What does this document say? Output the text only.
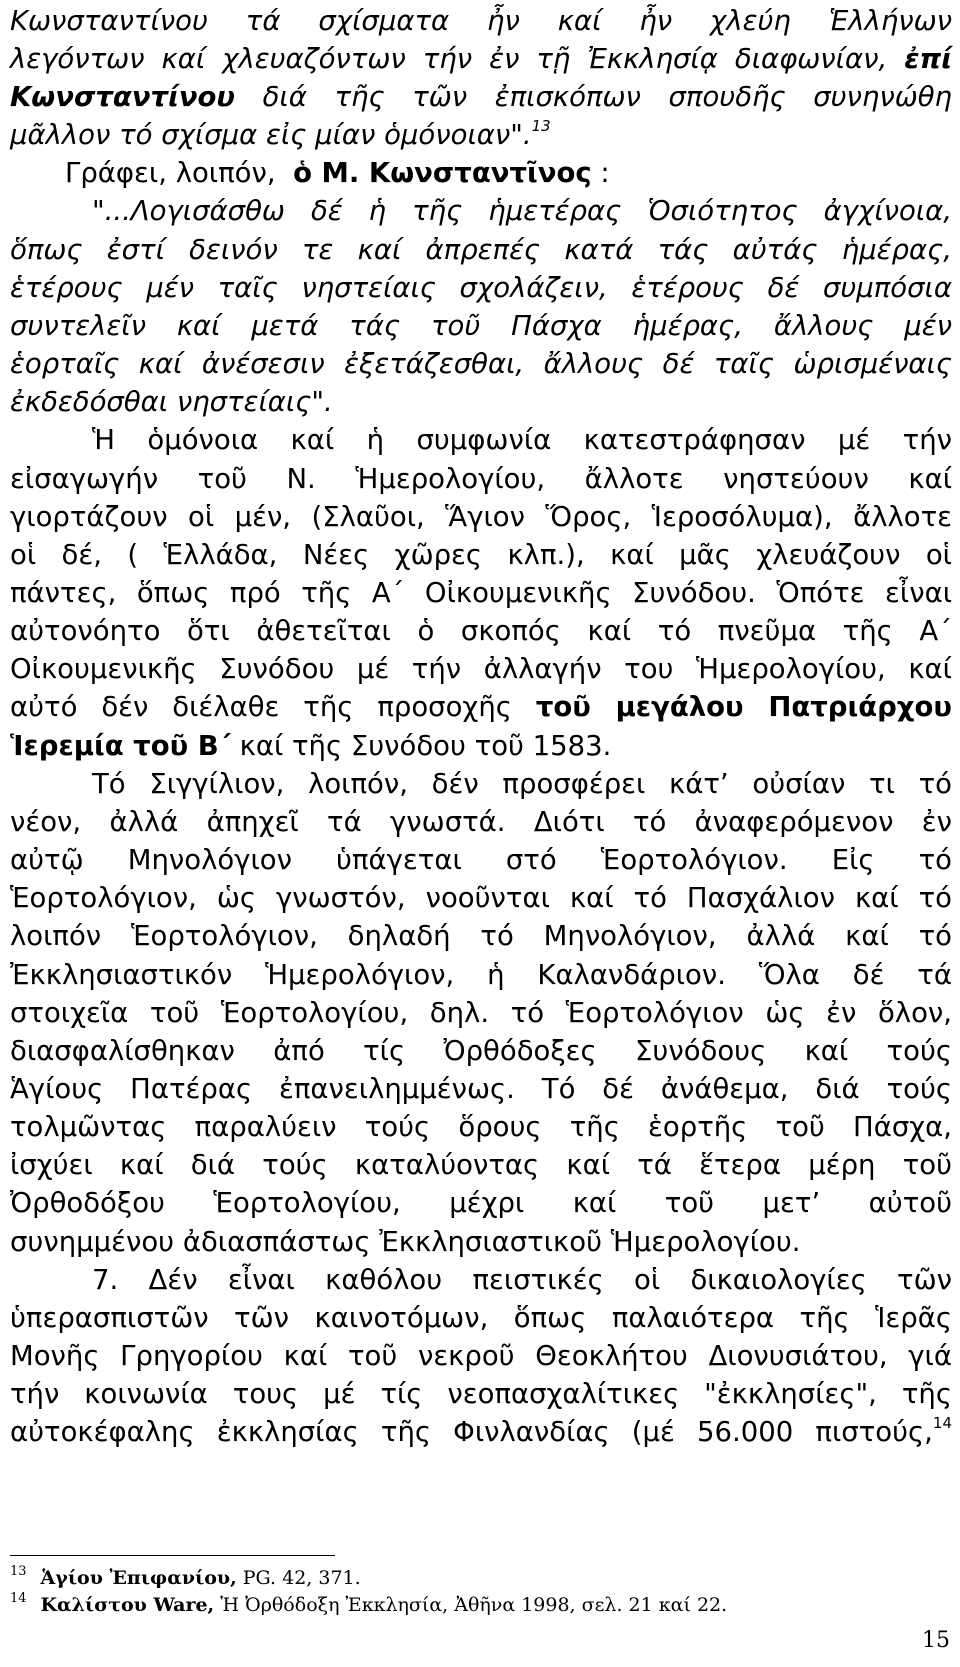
Κωνσταντίνου τά σχίσματα ἦν καί ἦν χλεύη Ἑλλήνων
λεγόντων καί χλευαζόντων τήν ἐν τῇ Ἐκκλησίᾳ διαφωνίαν, ἐπί
Κωνσταντίνου διά τῆς τῶν ἐπισκόπων σπουδῆς συνηνώθη
μᾶλλον τό σχίσμα εἰς μίαν ὁμόνοιαν".$^{13}$
Γράφει, λοιπόν, ὁ Μ. Κωνσταντῖνος :
"...Λογισάσθω δέ ἡ τῆς ἡμετέρας Ὁσιότητος ἀγχίνοια,
ὅπως ἐστί δεινόν τε καί ἀπρεπές κατά τάς αὐτάς ἡμέρας,
ἑτέρους μέν ταῖς νηστείαις σχολάζειν, ἑτέρους δέ συμπόσια
συντελεῖν καί μετά τάς τοῦ Πάσχα ἡμέρας, ἄλλους μέν
ἑορταῖς καί ἀνέσεσιν ἐξετάζεσθαι, ἄλλους δέ ταῖς ὡρισμέναις
ἐκδεδόσθαι νηστείαις".
Ἡ ὁμόνοια καί ἡ συμφωνία κατεστράφησαν μέ τήν
εἰσαγωγήν τοῦ Ν. Ἡμερολογίου, ἄλλοτε νηστεύουν καί
γιορτάζουν οἱ μέν, (Σλαῦοι, Ἅγιον Ὅρος, Ἱεροσόλυμα), ἄλλοτε
οἱ δέ, ( Ἑλλάδα, Νέες χῶρες κλπ.), καί μᾶς χλευάζουν οἱ
πάντες, ὅπως πρό τῆς Α΄ Οἰκουμενικῆς Συνόδου. Ὁπότε εἶναι
αὐτονόητο ὅτι ἀθετεῖται ὁ σκοπός καί τό πνεῦμα τῆς Α΄
Οἰκουμενικῆς Συνόδου μέ τήν ἀλλαγήν του Ἡμερολογίου, καί
αὐτό δέν διέλαθε τῆς προσοχῆς τοῦ μεγάλου Πατριάρχου
Ἱερεμία τοῦ Β΄ καί τῆς Συνόδου τοῦ 1583.
Τό Σιγγίλιον, λοιπόν, δέν προσφέρει κάτ’ οὐσίαν τι τό
νέον, ἀλλά ἀπηχεῖ τά γνωστά. Διότι τό ἀναφερόμενον ἐν
αὐτῷ Μηνολόγιον ὑπάγεται στό Ἑορτολόγιον. Εἰς τό
Ἑορτολόγιον, ὡς γνωστόν, νοοῦνται καί τό Πασχάλιον καί τό
λοιπόν Ἑορτολόγιον, δηλαδή τό Μηνολόγιον, ἀλλά καί τό
Ἐκκλησιαστικόν Ἡμερολόγιον, ἡ Καλανδάριον. Ὅλα δέ τά
στοιχεῖα τοῦ Ἑορτολογίου, δηλ. τό Ἑορτολόγιον ὡς ἐν ὅλον,
διασφαλίσθηκαν ἀπό τίς Ὀρθόδοξες Συνόδους καί τούς
Ἁγίους Πατέρας ἐπανειλημμένως. Τό δέ ἀνάθεμα, διά τούς
τολμῶντας παραλύειν τούς ὅρους τῆς ἑορτῆς τοῦ Πάσχα,
ἰσχύει καί διά τούς καταλύοντας καί τά ἕτερα μέρη τοῦ
Ὀρθοδόξου Ἑορτολογίου, μέχρι καί τοῦ μετ’ αὐτοῦ
συνημμένου ἀδιασπάστως Ἐκκλησιαστικοῦ Ἡμερολογίου.
7. Δέν εἶναι καθόλου πειστικές οἱ δικαιολογίες τῶν
ὑπερασπιστῶν τῶν καινοτόμων, ὅπως παλαιότερα τῆς Ἱερᾶς
Μονῆς Γρηγορίου καί τοῦ νεκροῦ Θεοκλήτου Διονυσιάτου, γιά
τήν κοινωνία τους μέ τίς νεοπασχαλίτικες "ἐκκλησίες", τῆς
αὐτοκέφαλης ἐκκλησίας τῆς Φινλανδίας (μέ 56.000 πιστούς,$^{14}$
$^{13}$ Ἁγίου Ἐπιφανίου, PG. 42, 371.
$^{14}$ Καλίστου Ware, Ἡ Ὀρθόδοξη Ἐκκλησία, Ἀθῆνα 1998, σελ. 21 καί 22.
15
